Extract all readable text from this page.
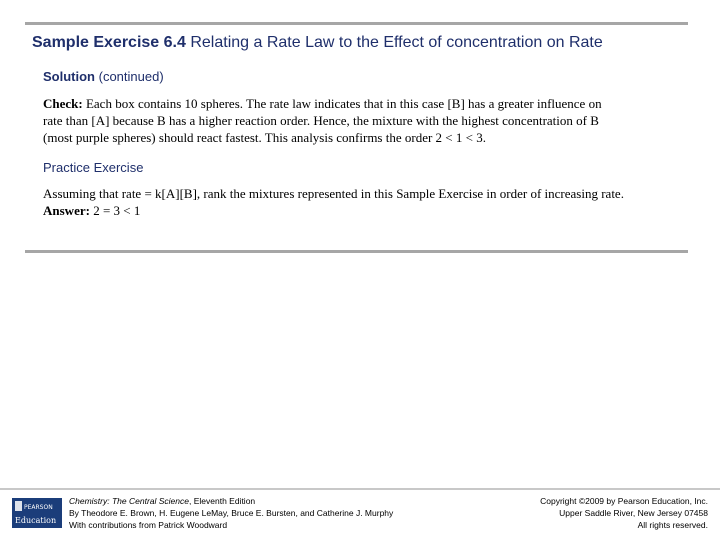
Sample Exercise 6.4 Relating a Rate Law to the Effect of concentration on Rate
Solution (continued)
Check: Each box contains 10 spheres. The rate law indicates that in this case [B] has a greater influence on
rate than [A] because B has a higher reaction order. Hence, the mixture with the highest concentration of B
(most purple spheres) should react fastest. This analysis confirms the order 2 < 1 < 3.
Practice Exercise
Assuming that rate = k[A][B], rank the mixtures represented in this Sample Exercise in order of increasing rate.
Answer: 2 = 3 < 1
PEARSON
Education
Chemistry: The Central Science, Eleventh Edition
By Theodore E. Brown, H. Eugene LeMay, Bruce E. Bursten, and Catherine J. Murphy
With contributions from Patrick Woodward
Copyright ©2009 by Pearson Education, Inc.
Upper Saddle River, New Jersey 07458
All rights reserved.
